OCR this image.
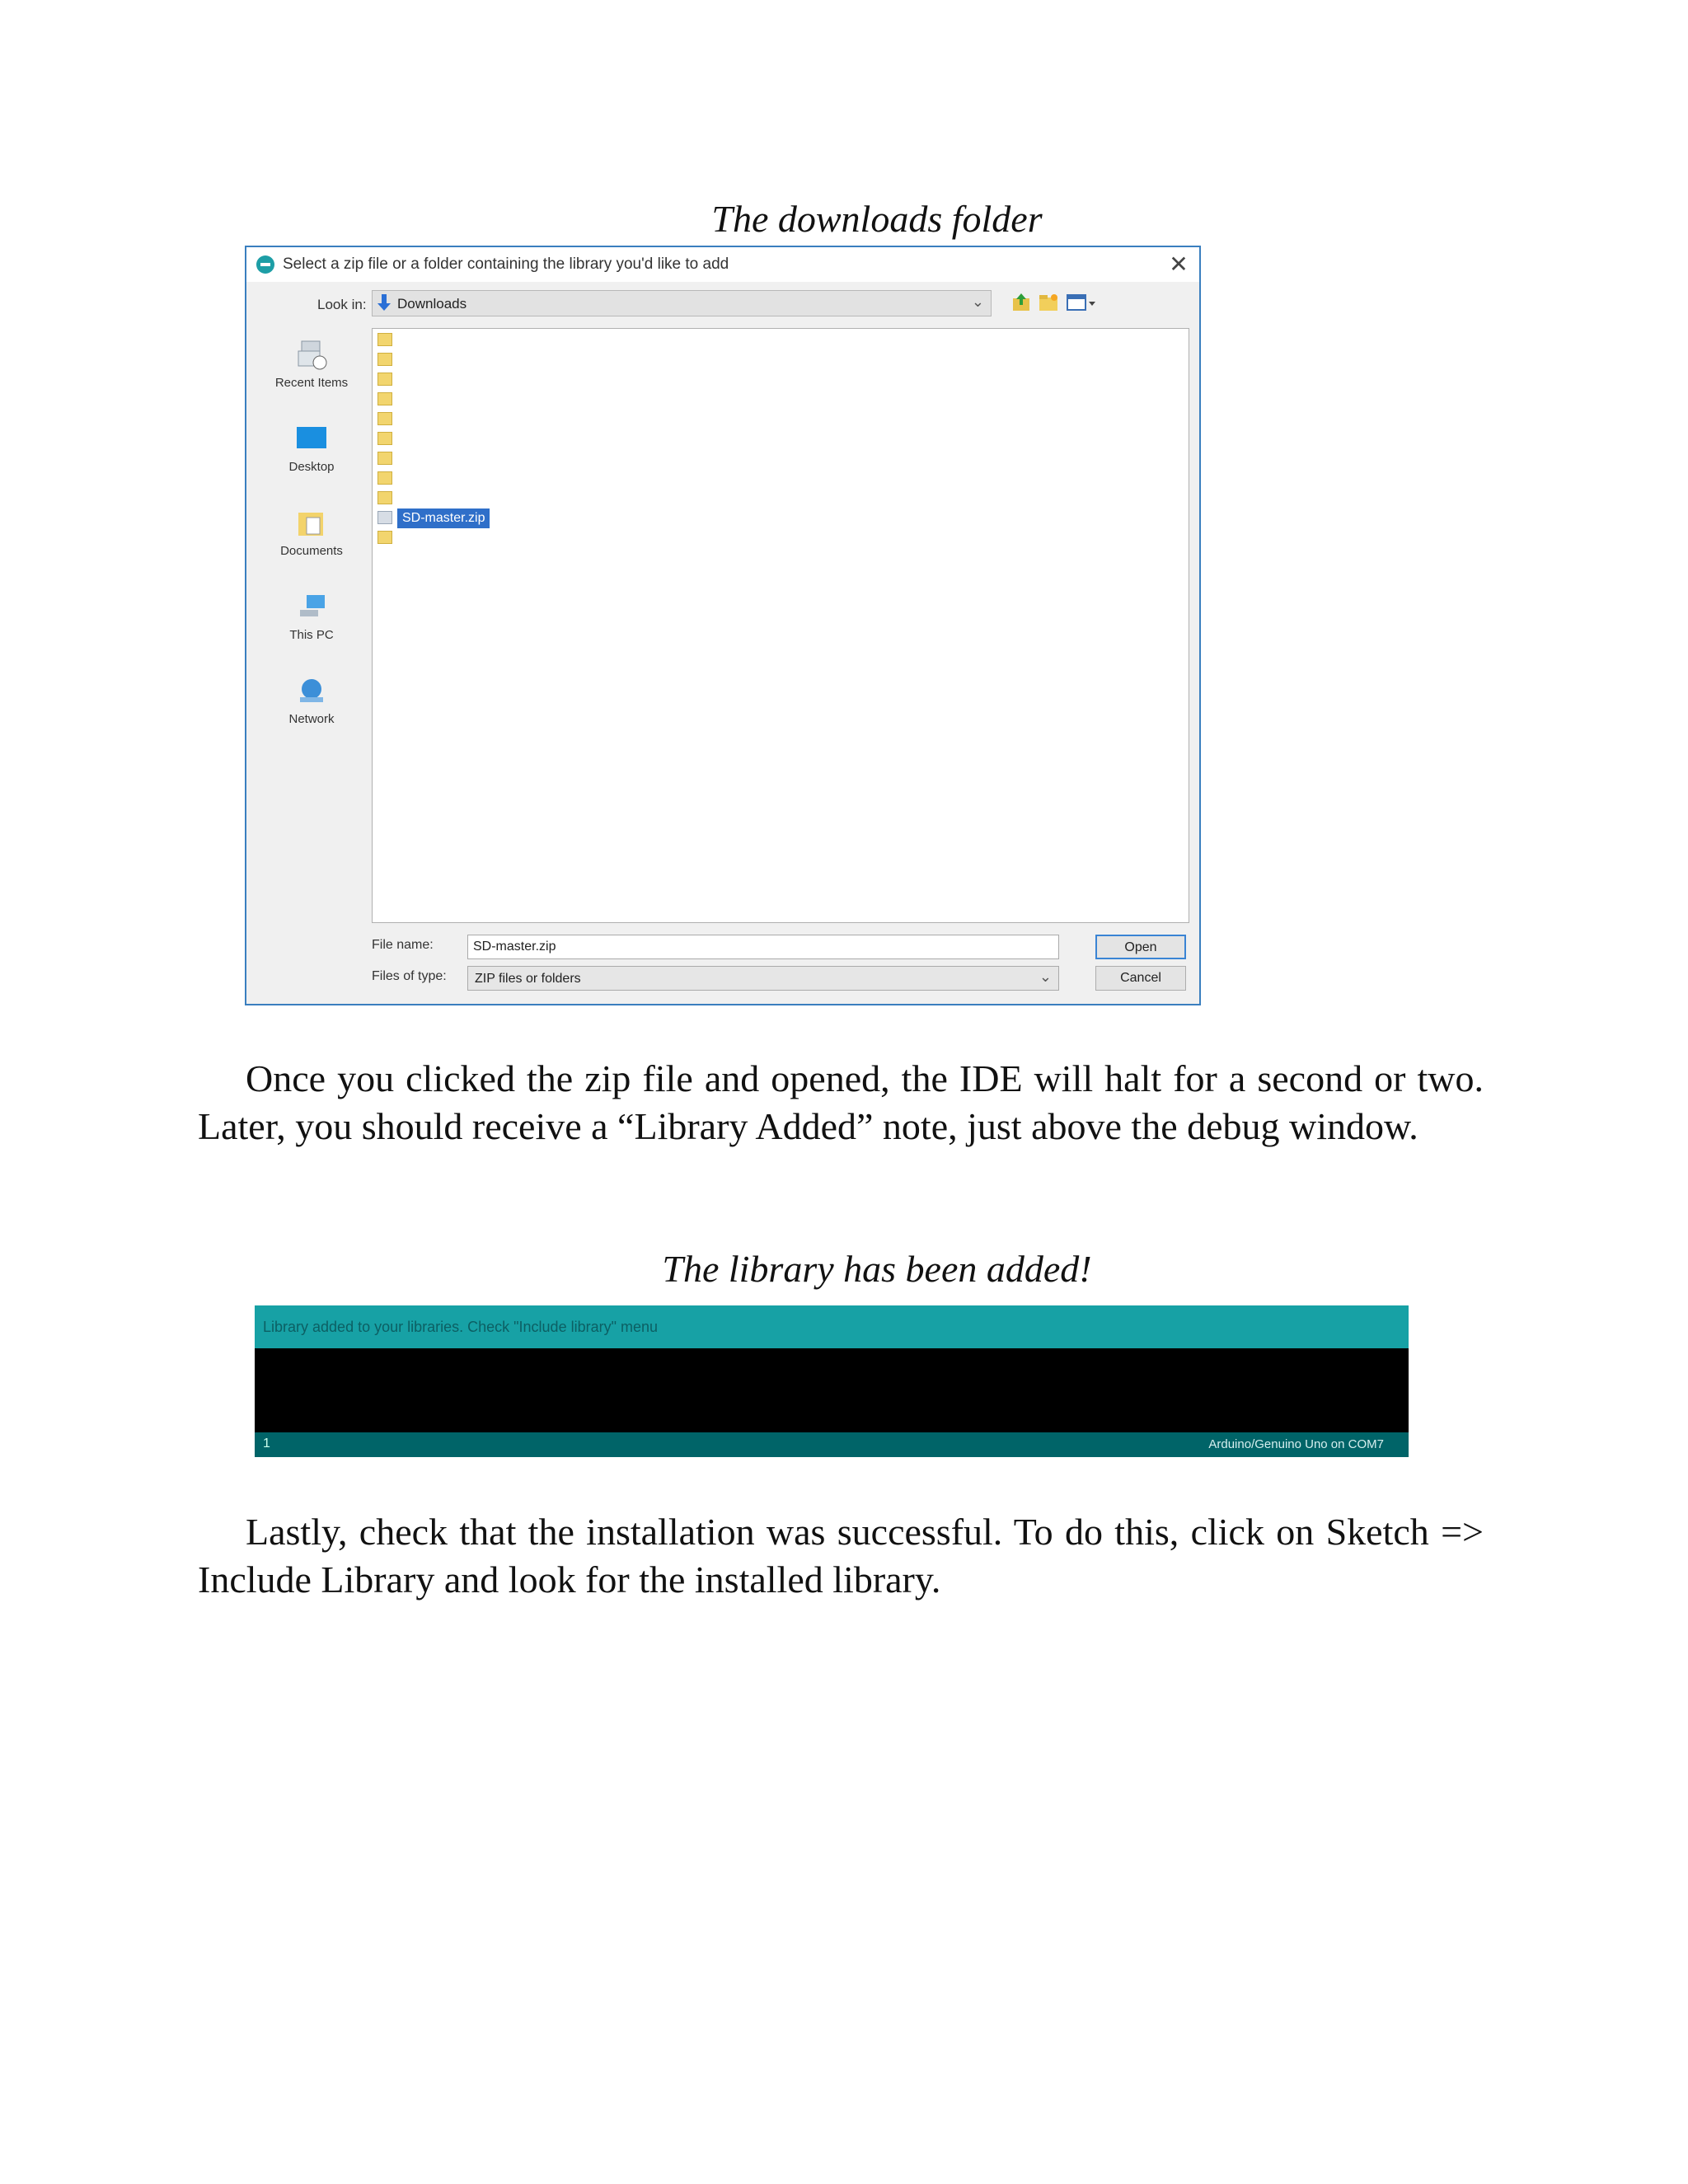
The downloads folder
Select a zip file or a folder containing the library you'd like to add	✕
Look in: Downloads	⌄
Recent Items
Desktop
Documents
This PC
Network
SD-master.zip
File name:
SD-master.zip
Files of type: ZIP files or folders	⌄
Open
Cancel
Once you clicked the zip file and opened, the IDE will halt for a second or two. Later, you should receive a “Library Added” note, just above the debug window.
The library has been added!
Library added to your libraries. Check "Include library" menu
1	Arduino/Genuino Uno on COM7
Lastly, check that the installation was successful. To do this, click on Sketch => Include Library and look for the installed library.
